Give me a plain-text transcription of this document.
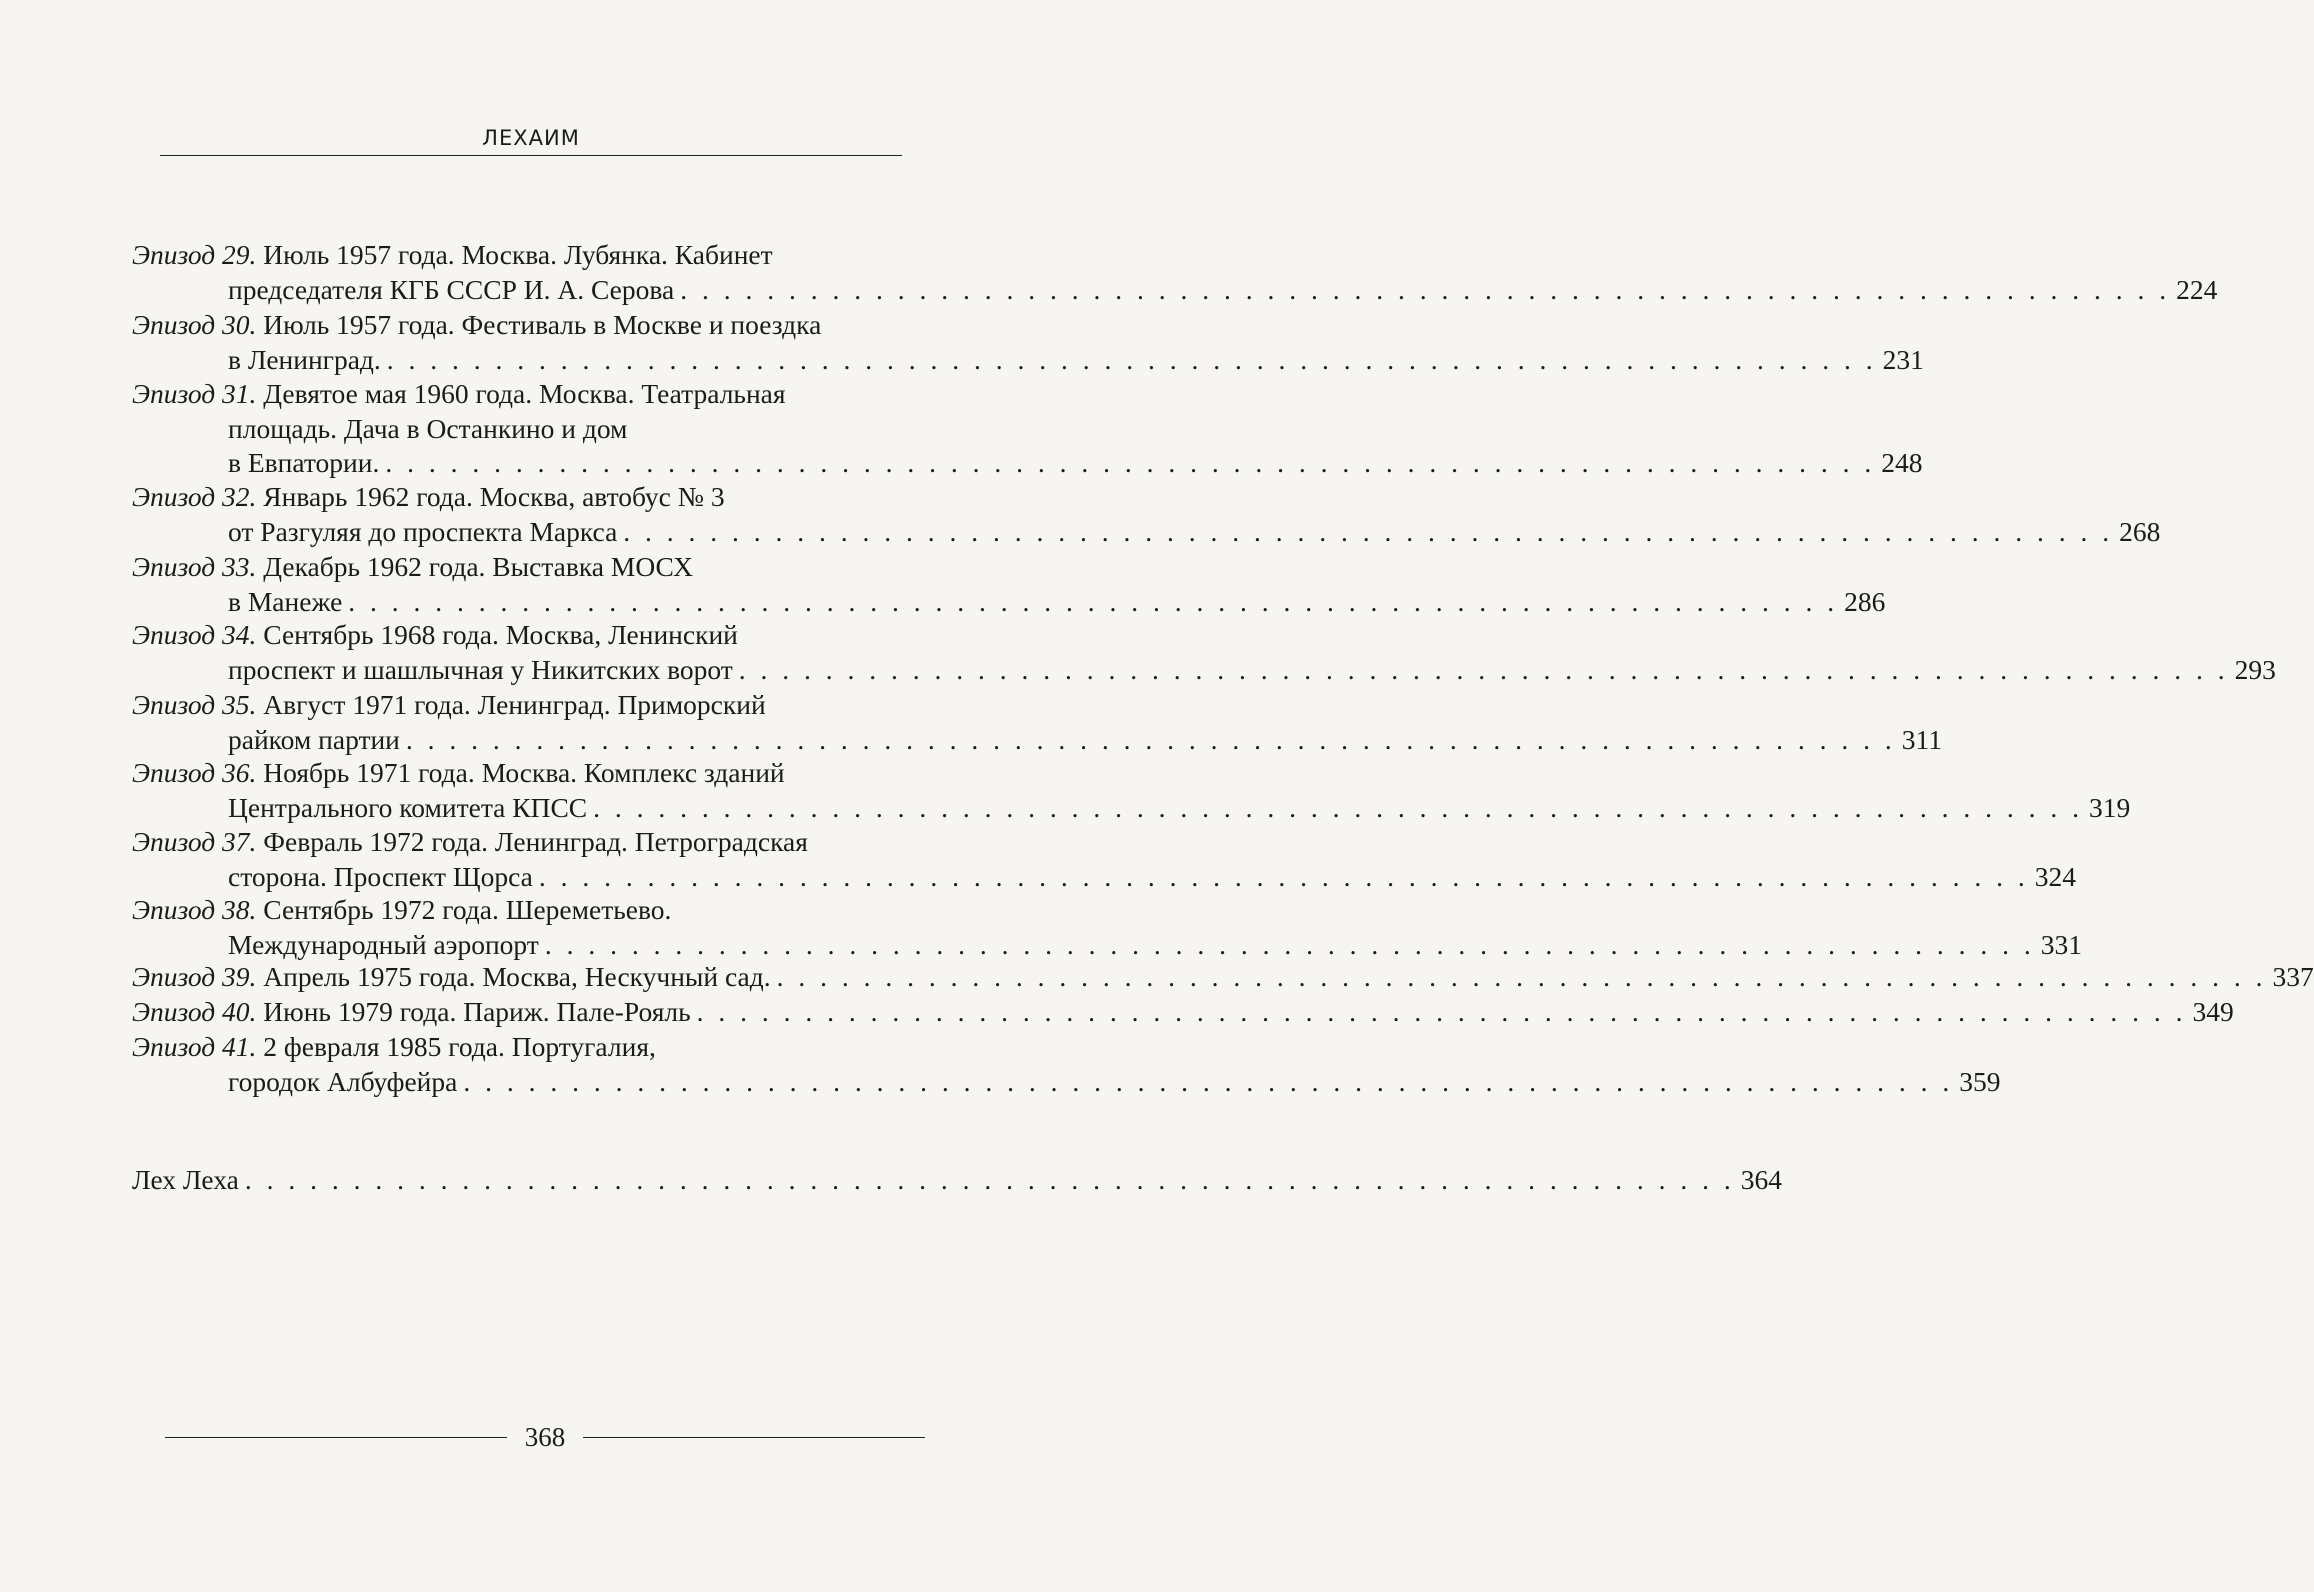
ЛЕХАИМ
Эпизод 29. Июль 1957 года. Москва. Лубянка. Кабинет
председателя КГБ СССР И. А. Серова . . . . . . . . . . . . . . . . . . . . . . . . . . . . . . . . . . . . . . . . . . . . . . . . . . . . . . . . . . . . . . . . . . . . . 224
Эпизод 30. Июль 1957 года. Фестиваль в Москве и поездка
в Ленинград. . . . . . . . . . . . . . . . . . . . . . . . . . . . . . . . . . . . . . . . . . . . . . . . . . . . . . . . . . . . . . . . . . . . . . 231
Эпизод 31. Девятое мая 1960 года. Москва. Театральная
площадь. Дача в Останкино и дом
в Евпатории. . . . . . . . . . . . . . . . . . . . . . . . . . . . . . . . . . . . . . . . . . . . . . . . . . . . . . . . . . . . . . . . . . . . . . 248
Эпизод 32. Январь 1962 года. Москва, автобус № 3
от Разгуляя до проспекта Маркса . . . . . . . . . . . . . . . . . . . . . . . . . . . . . . . . . . . . . . . . . . . . . . . . . . . . . . . . . . . . . . . . . . . . . 268
Эпизод 33. Декабрь 1962 года. Выставка МОСХ
в Манеже . . . . . . . . . . . . . . . . . . . . . . . . . . . . . . . . . . . . . . . . . . . . . . . . . . . . . . . . . . . . . . . . . . . . . 286
Эпизод 34. Сентябрь 1968 года. Москва, Ленинский
проспект и шашлычная у Никитских ворот . . . . . . . . . . . . . . . . . . . . . . . . . . . . . . . . . . . . . . . . . . . . . . . . . . . . . . . . . . . . . . . . . . . . . 293
Эпизод 35. Август 1971 года. Ленинград. Приморский
райком партии . . . . . . . . . . . . . . . . . . . . . . . . . . . . . . . . . . . . . . . . . . . . . . . . . . . . . . . . . . . . . . . . . . . . . 311
Эпизод 36. Ноябрь 1971 года. Москва. Комплекс зданий
Центрального комитета КПСС . . . . . . . . . . . . . . . . . . . . . . . . . . . . . . . . . . . . . . . . . . . . . . . . . . . . . . . . . . . . . . . . . . . . . 319
Эпизод 37. Февраль 1972 года. Ленинград. Петроградская
сторона. Проспект Щорса . . . . . . . . . . . . . . . . . . . . . . . . . . . . . . . . . . . . . . . . . . . . . . . . . . . . . . . . . . . . . . . . . . . . . 324
Эпизод 38. Сентябрь 1972 года. Шереметьево.
Международный аэропорт . . . . . . . . . . . . . . . . . . . . . . . . . . . . . . . . . . . . . . . . . . . . . . . . . . . . . . . . . . . . . . . . . . . . . 331
Эпизод 39. Апрель 1975 года. Москва, Нескучный сад. . . . . . . . . . . . . . . . . . . . . . . . . . . . . . . . . . . . . . . . . . . . . . . . . . . . . . . . . . . . . . . . . . . . . . 337
Эпизод 40. Июнь 1979 года. Париж. Пале-Рояль . . . . . . . . . . . . . . . . . . . . . . . . . . . . . . . . . . . . . . . . . . . . . . . . . . . . . . . . . . . . . . . . . . . . . 349
Эпизод 41. 2 февраля 1985 года. Португалия,
городок Албуфейра . . . . . . . . . . . . . . . . . . . . . . . . . . . . . . . . . . . . . . . . . . . . . . . . . . . . . . . . . . . . . . . . . . . . . 359
Лех Леха . . . . . . . . . . . . . . . . . . . . . . . . . . . . . . . . . . . . . . . . . . . . . . . . . . . . . . . . . . . . . . . . . . . . . 364
368
